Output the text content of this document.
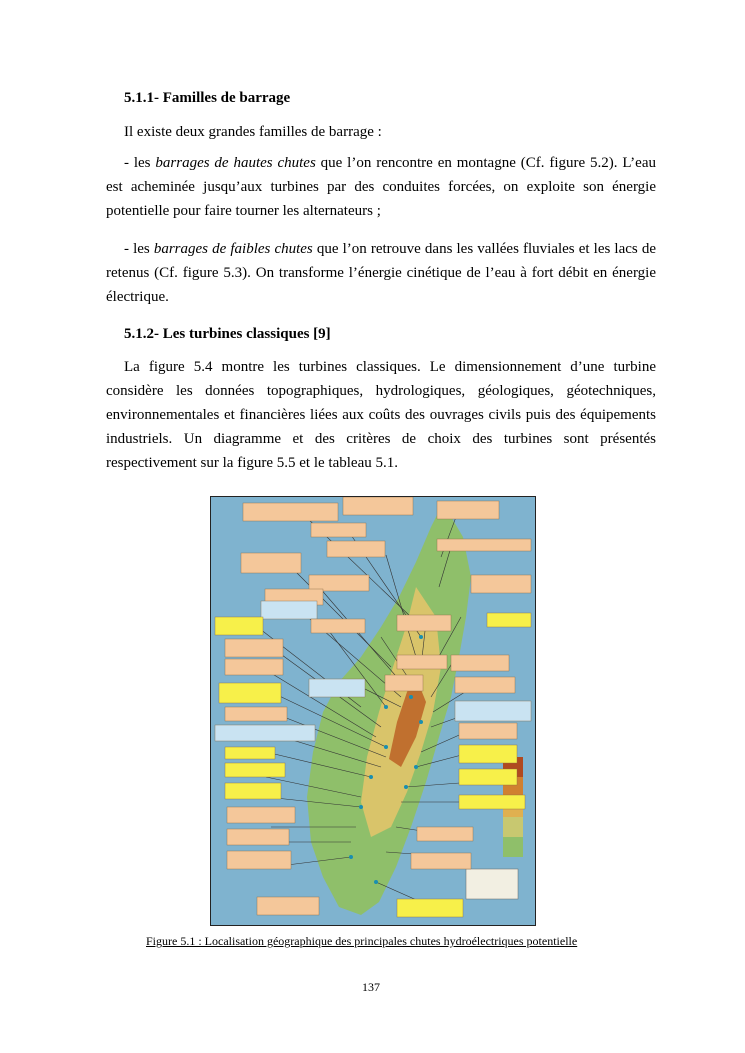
5.1.1- Familles de barrage

Il existe deux grandes familles de barrage :

- les barrages de hautes chutes que l’on rencontre en montagne (Cf. figure 5.2). L’eau est acheminée jusqu’aux turbines par des conduites forcées, on exploite son énergie potentielle pour faire tourner les alternateurs ;

- les barrages de faibles chutes que l’on retrouve dans les vallées fluviales et les lacs de retenus (Cf. figure 5.3). On transforme l’énergie cinétique de l’eau à fort débit en énergie électrique.

5.1.2- Les turbines classiques [9]

La figure 5.4 montre les turbines classiques. Le dimensionnement d’une turbine considère les données topographiques, hydrologiques, géologiques, géotechniques, environnementales et financières liées aux coûts des ouvrages civils puis des équipements industriels. Un diagramme et des critères de choix des turbines sont présentés respectivement sur la figure 5.5 et le tableau 5.1.

Figure 5.1 : Localisation géographique des principales chutes hydroélectriques potentielle
137
